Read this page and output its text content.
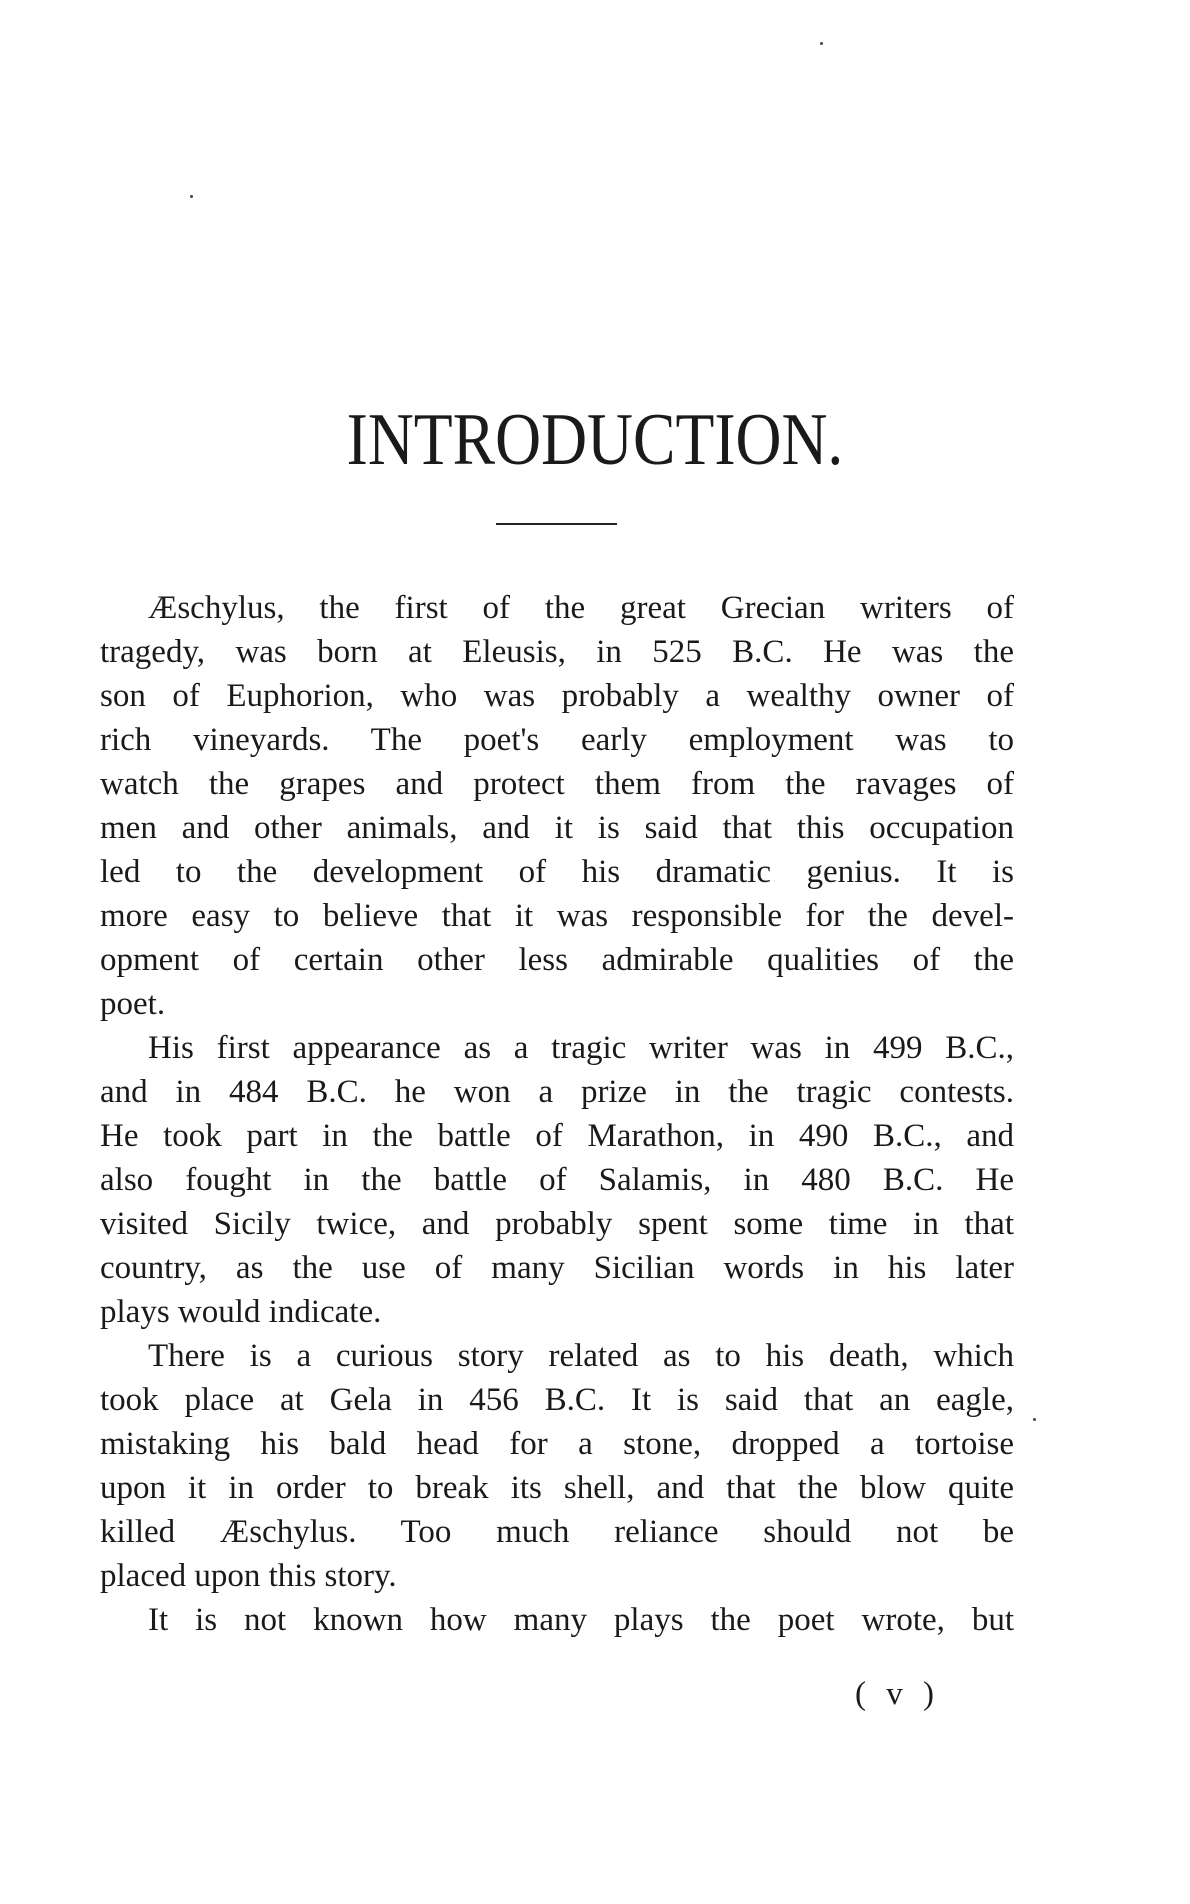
INTRODUCTION.
Æschylus, the first of the great Grecian writers of
tragedy, was born at Eleusis, in 525 B.C. He was the
son of Euphorion, who was probably a wealthy owner of
rich vineyards. The poet's early employment was to
watch the grapes and protect them from the ravages of
men and other animals, and it is said that this occupation
led to the development of his dramatic genius. It is
more easy to believe that it was responsible for the devel-
opment of certain other less admirable qualities of the
poet.
His first appearance as a tragic writer was in 499 B.C.,
and in 484 B.C. he won a prize in the tragic contests.
He took part in the battle of Marathon, in 490 B.C., and
also fought in the battle of Salamis, in 480 B.C. He
visited Sicily twice, and probably spent some time in that
country, as the use of many Sicilian words in his later
plays would indicate.
There is a curious story related as to his death, which
took place at Gela in 456 B.C. It is said that an eagle,
mistaking his bald head for a stone, dropped a tortoise
upon it in order to break its shell, and that the blow quite
killed Æschylus. Too much reliance should not be
placed upon this story.
It is not known how many plays the poet wrote, but
( v )
